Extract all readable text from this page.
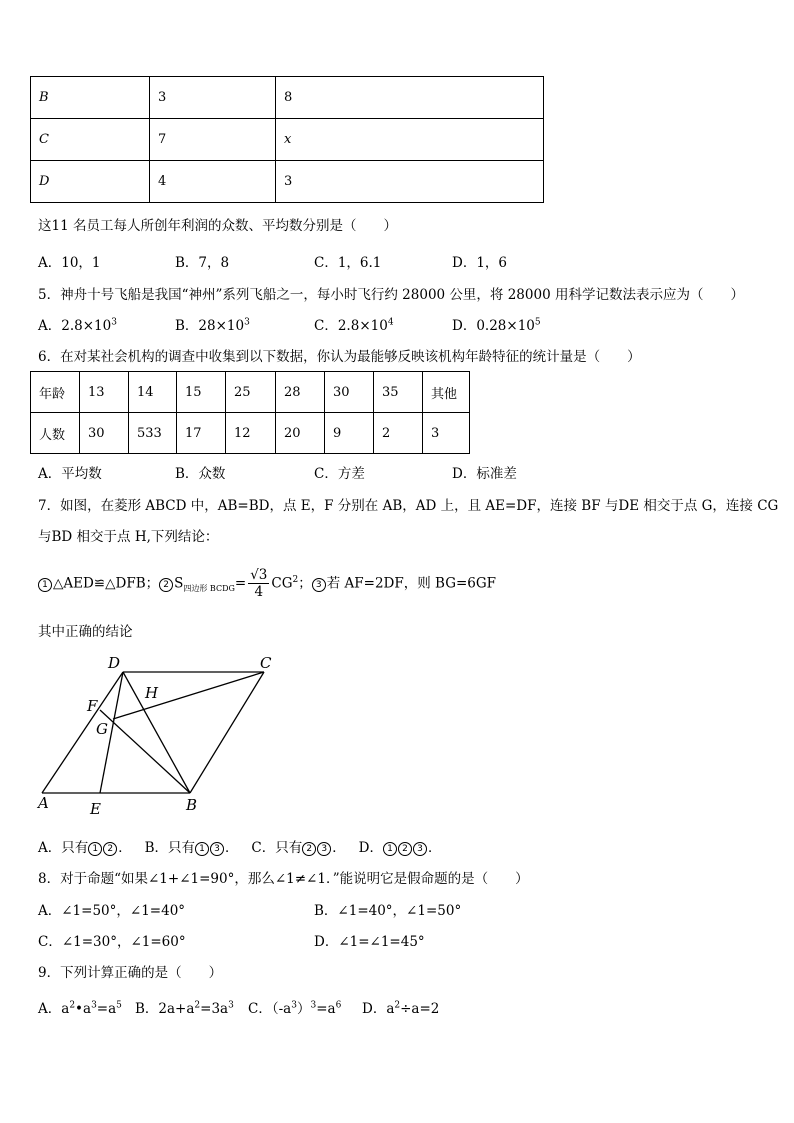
B	3	8
C	7	x
D	4	3
这11 名员工每人所创年利润的众数、平均数分别是（　　）
A．10，1	B．7，8	C．1，6.1	D．1，6
5．神舟十号飞船是我国“神州”系列飞船之一，每小时飞行约 28000 公里，将 28000 用科学记数法表示应为（　　）
A．$2.8\times 10^3$	B．$28\times 10^3$	C．$2.8\times 10^4$	D．$0.28\times 10^5$
6．在对某社会机构的调查中收集到以下数据，你认为最能够反映该机构年龄特征的统计量是（　　）
年龄	13	14	15	25	28	30	35	其他
人数	30	533	17	12	20	9	2	3
A．平均数	B．众数	C．方差	D．标准差
7．如图，在菱形 ABCD 中，AB=BD，点 E，F 分别在 AB，AD 上，且 AE=DF，连接 BF 与DE 相交于点 G，连接 CG
与BD 相交于点 H,下列结论：
1 △AED≌△DFB； 2 $S_{四边形 BCDG}= \frac{√3}{4} CG^2$； 3 若 AF=2DF，则 BG=6GF
其中正确的结论
D	C
H
F
G
A	E	B
A．只有 1 2 ． B．只有 1 3 ． C．只有 2 3 ． D． 1 2 3 ．
8．对于命题“如果∠1+∠1=90°，那么∠1≠∠1．”能说明它是假命题的是（　　）
A．∠1=50°，∠1=40°	B．∠1=40°，∠1=50°
C．∠1=30°，∠1=60°	D．∠1=∠1=45°
9．下列计算正确的是（　　）
A．$a^2•a^3=a^5$ B．$2a+a^2=3a^3$ C．$(-a^3)^3=a^6$ D．$a^2\div a=2$
